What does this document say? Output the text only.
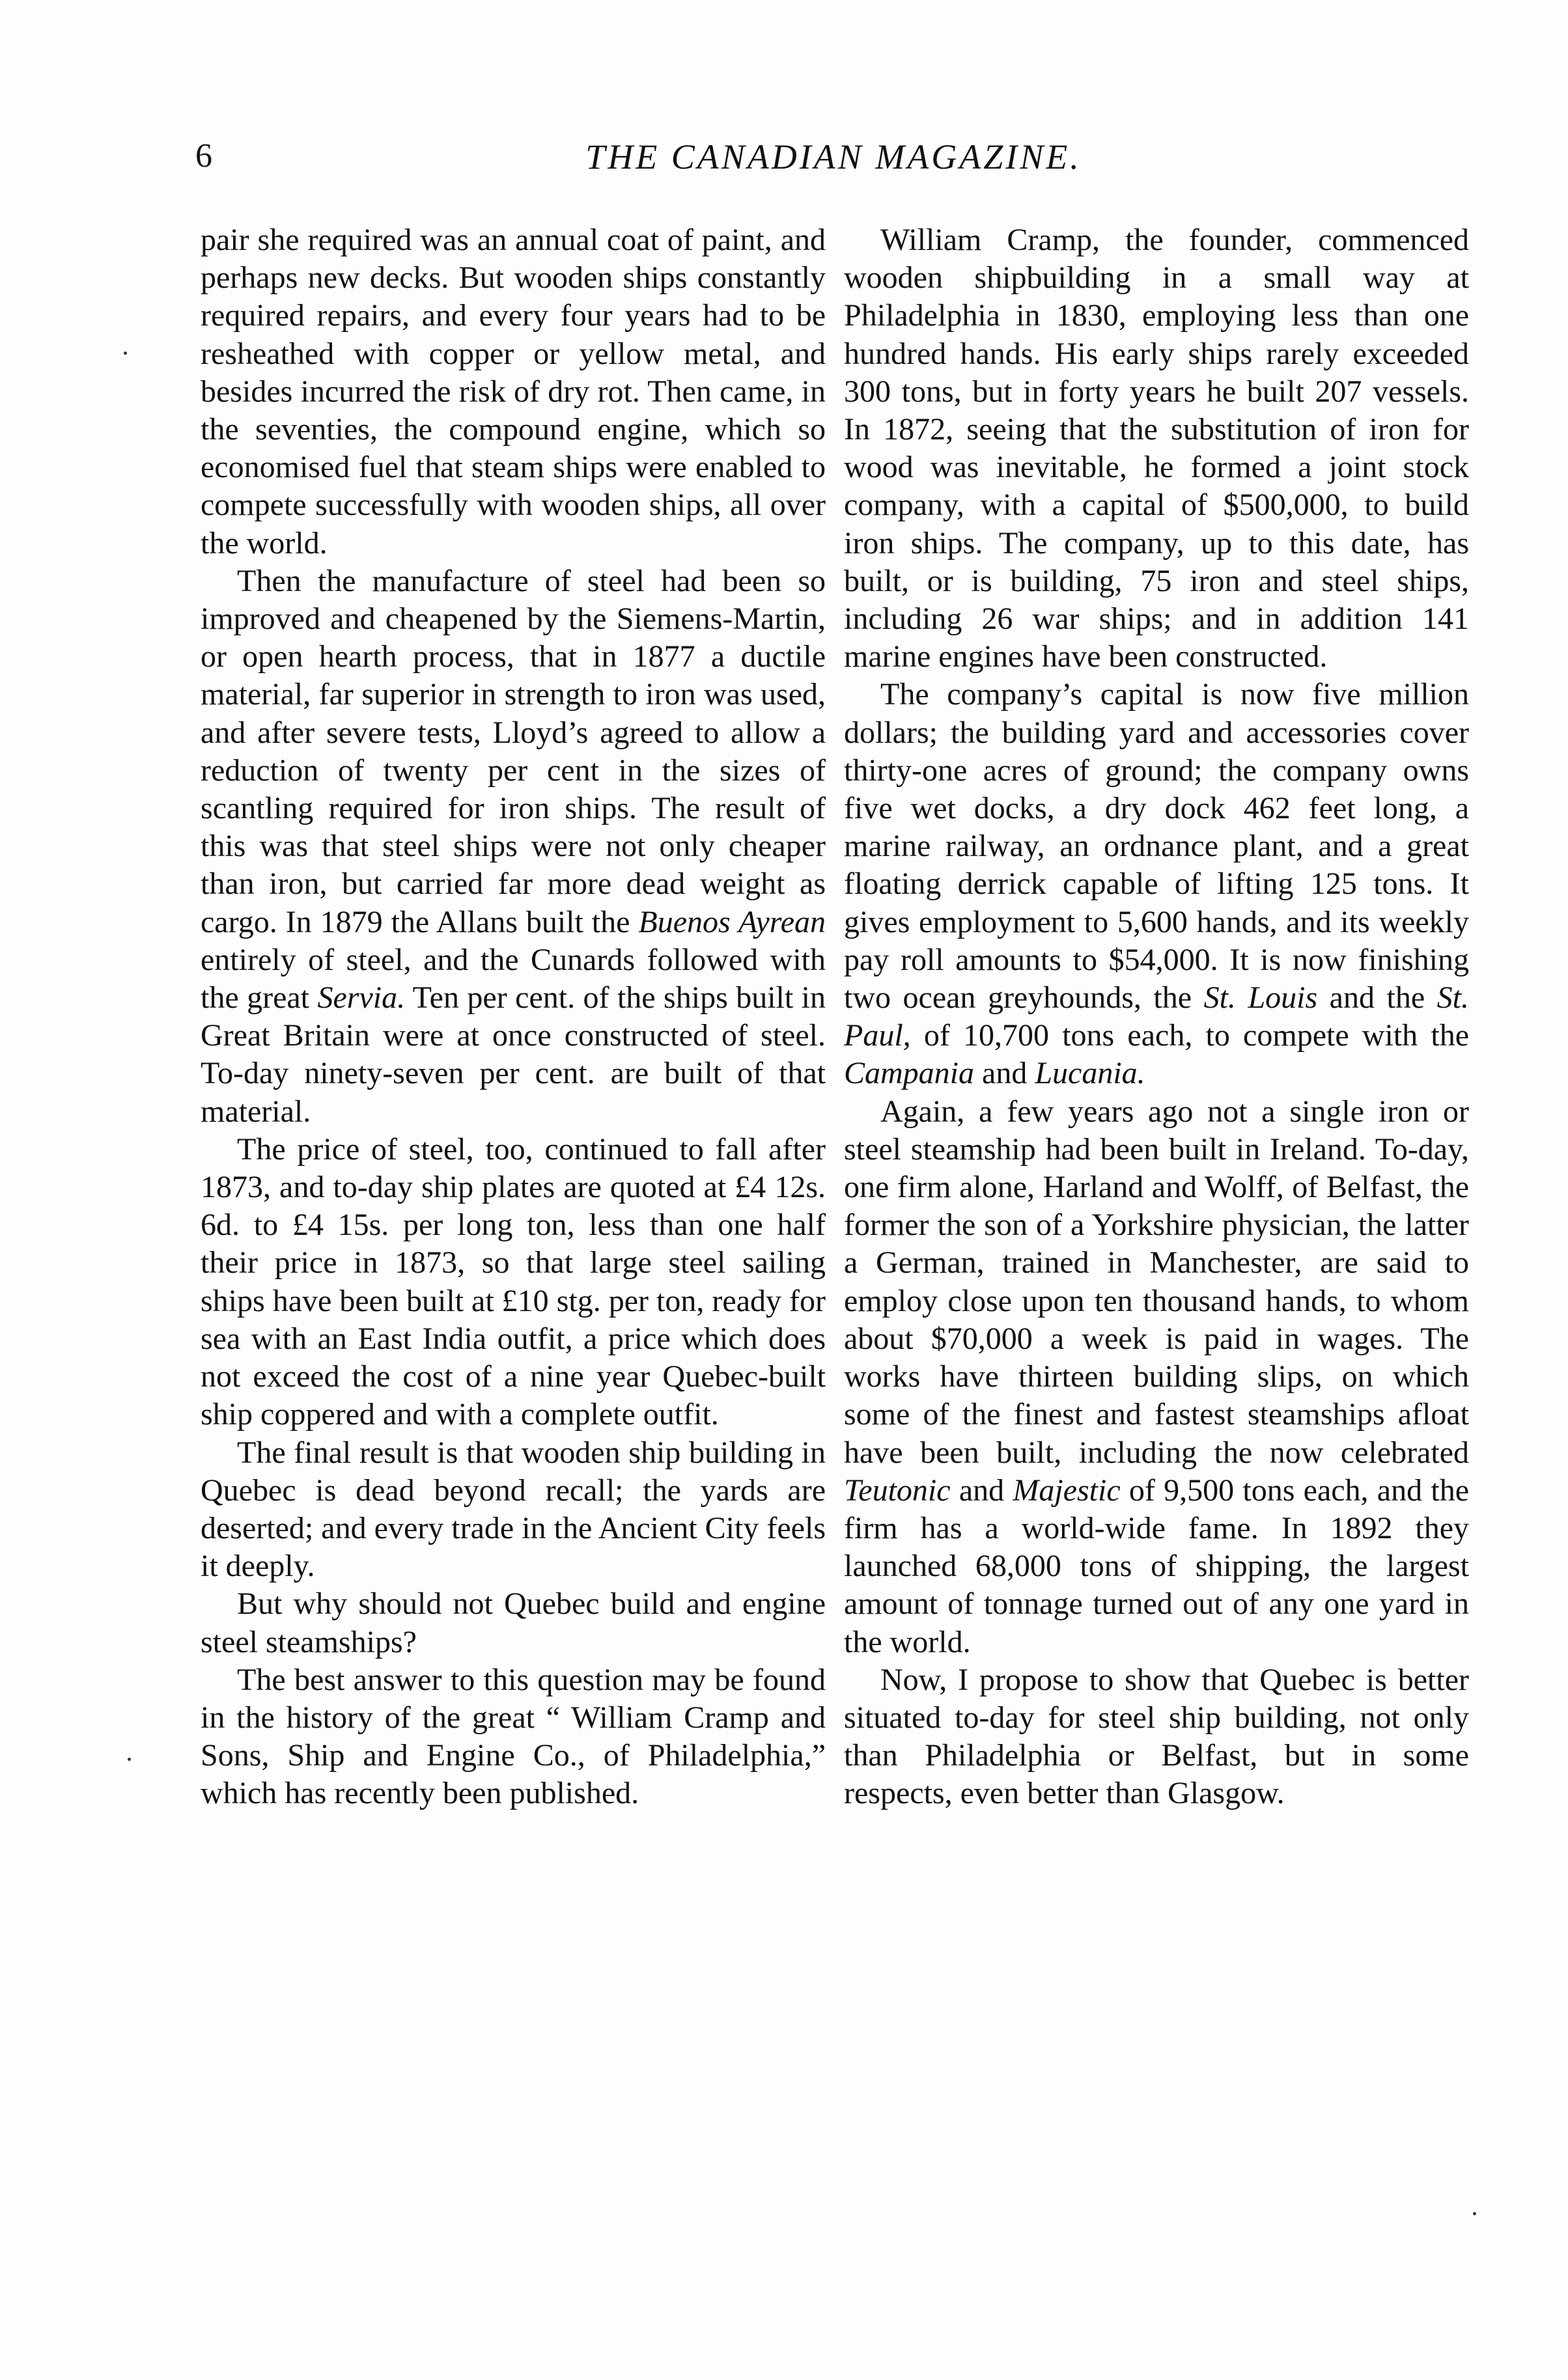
6	THE CANADIAN MAGAZINE.

pair she required was an annual coat of paint, and perhaps new decks. But wooden ships constantly required repairs, and every four years had to be resheathed with copper or yellow metal, and besides incurred the risk of dry rot. Then came, in the seventies, the compound engine, which so economised fuel that steam ships were enabled to compete successfully with wooden ships, all over the world.

Then the manufacture of steel had been so improved and cheapened by the Siemens-Martin, or open hearth process, that in 1877 a ductile material, far superior in strength to iron was used, and after severe tests, Lloyd’s agreed to allow a reduction of twenty per cent in the sizes of scantling required for iron ships. The result of this was that steel ships were not only cheaper than iron, but carried far more dead weight as cargo. In 1879 the Allans built the Buenos Ayrean entirely of steel, and the Cunards followed with the great Servia. Ten per cent. of the ships built in Great Britain were at once constructed of steel. To-day ninety-seven per cent. are built of that material.

The price of steel, too, continued to fall after 1873, and to-day ship plates are quoted at £4 12s. 6d. to £4 15s. per long ton, less than one half their price in 1873, so that large steel sailing ships have been built at £10 stg. per ton, ready for sea with an East India outfit, a price which does not exceed the cost of a nine year Quebec-built ship coppered and with a complete outfit.

The final result is that wooden ship building in Quebec is dead beyond recall; the yards are deserted; and every trade in the Ancient City feels it deeply.

But why should not Quebec build and engine steel steamships?

The best answer to this question may be found in the history of the great “ William Cramp and Sons, Ship and Engine Co., of Philadelphia,” which has recently been published.

William Cramp, the founder, commenced wooden shipbuilding in a small way at Philadelphia in 1830, employing less than one hundred hands. His early ships rarely exceeded 300 tons, but in forty years he built 207 vessels. In 1872, seeing that the substitution of iron for wood was inevitable, he formed a joint stock company, with a capital of $500,000, to build iron ships. The company, up to this date, has built, or is building, 75 iron and steel ships, including 26 war ships; and in addition 141 marine engines have been constructed.

The company’s capital is now five million dollars; the building yard and accessories cover thirty-one acres of ground; the company owns five wet docks, a dry dock 462 feet long, a marine railway, an ordnance plant, and a great floating derrick capable of lifting 125 tons. It gives employment to 5,600 hands, and its weekly pay roll amounts to $54,000. It is now finishing two ocean greyhounds, the St. Louis and the St. Paul, of 10,700 tons each, to compete with the Campania and Lucania.

Again, a few years ago not a single iron or steel steamship had been built in Ireland. To-day, one firm alone, Harland and Wolff, of Belfast, the former the son of a Yorkshire physician, the latter a German, trained in Manchester, are said to employ close upon ten thousand hands, to whom about $70,000 a week is paid in wages. The works have thirteen building slips, on which some of the finest and fastest steamships afloat have been built, including the now celebrated Teutonic and Majestic of 9,500 tons each, and the firm has a world-wide fame. In 1892 they launched 68,000 tons of shipping, the largest amount of tonnage turned out of any one yard in the world.

Now, I propose to show that Quebec is better situated to-day for steel ship building, not only than Philadelphia or Belfast, but in some respects, even better than Glasgow.
